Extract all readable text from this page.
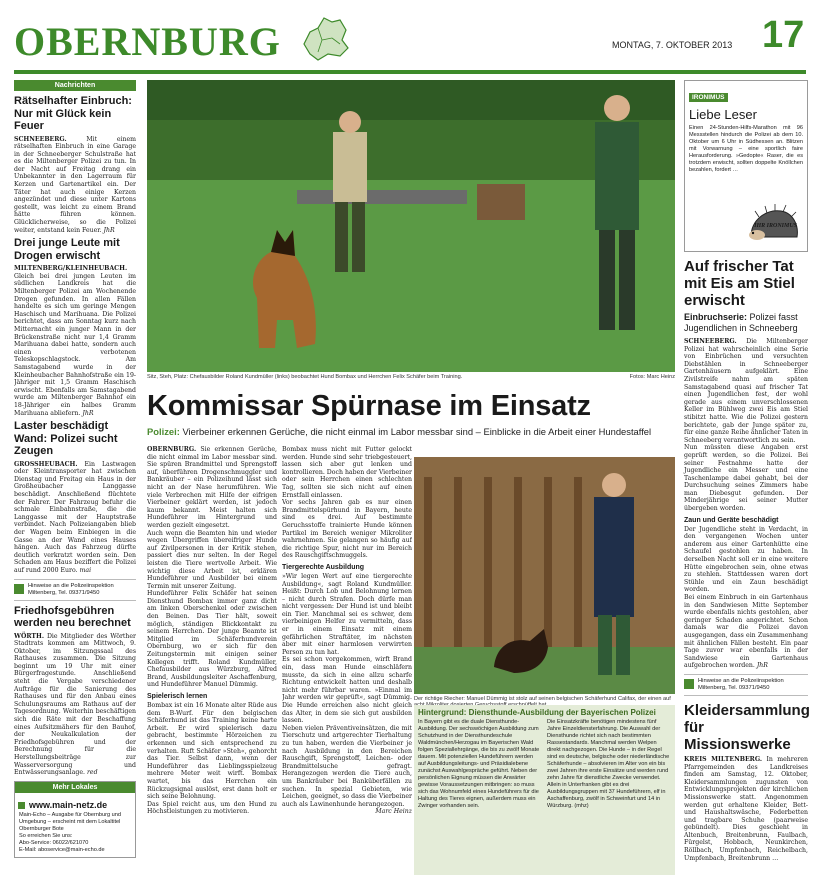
OBERNBURG	MONTAG, 7. OKTOBER 2013 17
Nachrichten
Rätselhafter Einbruch: Nur mit Glück kein Feuer

SCHNEEBERG.	Mit einem rätselhaften Einbruch in eine Garage in der Schneeberger Schulstraße hat es die Miltenberger Polizei zu tun. In der Nacht auf Freitag drang ein Unbekannter in den Lagerraum für Kerzen und Gartenartikel ein. Der Täter hat auch einige Kerzen angezündet und diese unter Kartons gestellt, was leicht zu einem Brand hätte führen können. Glücklicherweise, so die Polizei weiter, entstand kein Feuer. JhR

Drei junge Leute mit Drogen erwischt

MILTENBERG/KLEINHEUBACH. Gleich bei drei jungen Leuten im südlichen Landkreis hat die Miltenberger Polizei am Wochenende Drogen gefunden. In allen Fällen handelte es sich um geringe Mengen Haschisch und Marihuana. Die Polizei berichtet, dass am Sonntag kurz nach Mitternacht ein junger Mann in der Brückenstraße nicht nur 1,4 Gramm Marihuana dabei hatte, sondern auch einen verbotenen Teleskopschlagstock. Am Samstagabend wurde in der Kleinheubacher Bahnhofstraße ein 19-Jähriger mit 1,5 Gramm Haschisch erwischt. Ebenfalls am Samstagabend wurde am Miltenberger Bahnhof ein 18-Jähriger ein halbes Gramm Marihuana abliefern. JhR

Laster beschädigt Wand: Polizei sucht Zeugen

GROSSHEUBACH. Ein Lastwagen oder Kleintransporter hat zwischen Dienstag und Freitag ein Haus in der Großheubacher Langgasse beschädigt. Anschließend flüchtete der Fahrer. Der Fahrzeug befuhr die schmale Einbahnstraße, die die Langgasse mit der Hauptstraße verbindet. Nach Polizeiangaben blieb der Wagen beim Einbiegen in die Gasse an der Wand eines Hauses hängen. Auch das Fahrzeug dürfte deutlich verkratzt worden sein. Den Schaden am Haus beziffert die Polizei auf rund 2000 Euro. mai

Hinweise an die Polizeiinspektion Miltenberg, Tel. 09371/9450
Friedhofsgebühren werden neu berechnet

WÖRTH. Die Mitglieder des Wörther Stadtrats kommen am Mittwoch, 9. Oktober, im Sitzungssaal des Rathauses zusammen. Die Sitzung beginnt um 19 Uhr mit einer Bürgerfragestunde. Anschließend steht die Vergabe verschiedener Aufträge für die Sanierung des Rathauses und für den Anbau eines Schulungsraums am Rathaus auf der Tagesordnung. Weiterhin beschäftigen sich die Räte mit der Beschaffung eines Aufsitzmähers für den Bauhof, der Neukalkulation der Friedhofsgebühren und der Berechnung für die Herstellungsbeiträge zur Wasserversorgung und Entwässerungsanlage. red

Mehr Lokales
www.main-netz.de
Main-Echo – Ausgabe für Obernburg und Umgebung – erscheint mit dem Lokaltitel Obernburger Bote
So erreichen Sie uns:
Abo-Service: 06022/621070
E-Mail: aboservice@main-echo.de
Sitz, Steh, Platz: Chefausbilder Roland Kundmüller (links) beobachtet Hund Bombax und Herrchen Felix Schäfer beim Training.	Fotos: Marc Heinz
Kommissar Spürnase im Einsatz
Polizei: Vierbeiner erkennen Gerüche, die nicht einmal im Labor messbar sind – Einblicke in die Arbeit einer Hundestaffel

OBERNBURG. Sie erkennen Gerüche, die nicht einmal im Labor messbar sind. Sie spüren Brandmittel und Sprengstoff auf, überführen Drogenschmuggler und Bankräuber – ein Polizeihund lässt sich nicht an der Nase herumführen. Wie viele Verbrechen mit Hilfe der eifrigen Vierbeiner geklärt werden, ist jedoch kaum bekannt. Meist halten sich Hundeführer im Hintergrund und werden gezielt eingesetzt.

Auch wenn die Beamten hin und wieder wegen Übergriffen übereifriger Hunde auf Zivilpersonen in der Kritik stehen, passiert dies nur selten. In der Regel leisten die Tiere wertvolle Arbeit. Wie wichtig diese Arbeit ist, erklären Hundeführer und Ausbilder bei einem Termin mit unserer Zeitung.

Hundeführer Felix Schäfer hat seinen Diensthund Bombax immer ganz dicht am linken Oberschenkel oder zwischen den Beinen. Das Tier hält, soweit möglich, ständigen Blickkontakt zu seinem Herrchen. Der junge Beamte ist Mitglied im Schäferhundverein Obernburg, wo er sich für den Zeitungstermin mit einigen seiner Kollegen trifft. Roland Kundmüller, Chefausbilder aus Würzburg, Alfred Brand, Ausbildungsleiter Aschaffenburg, und Hundeführer Manuel Dümmig.

Spielerisch lernen

Bombax ist ein 16 Monate alter Rüde aus dem B-Wurf. Für den belgischen Schäferhund ist das Training keine harte Arbeit. Er wird spielerisch dazu gebracht, bestimmte Hörzeichen zu erkennen und sich entsprechend zu verhalten. Ruft Schäfer »Steh«, gehorcht das Tier. Selbst dann, wenn der Hundeführer das Lieblingsspielzeug mehrere Meter weit wirft. Bombax wartet, bis das Herrchen ein Rückzugsignal auslöst, erst dann holt er sich seine Belohnung.

Das Spiel reicht aus, um den Hund zu Höchstleistungen zu motivieren.

Bombax muss nicht mit Futter gelockt werden. Hunde sind sehr triebgesteuert, lassen sich aber gut lenken und kontrollieren. Doch haben der Vierbeiner oder sein Herrchen einen schlechten Tag, sollten sie sich nicht auf einen Ernstfall einlassen.

Vor sechs Jahren gab es nur einen Brandmittelspürhund in Bayern, heute sind es drei. Auf bestimmte Geruchsstoffe trainierte Hunde können Partikel im Bereich weniger Mikroliter wahrnehmen. Sie gelangen so häufig auf die richtige Spur, nicht nur im Bereich des Rauschgiftschmuggels.

Tiergerechte Ausbildung

»Wir legen Wert auf eine tiergerechte Ausbildung«, sagt Roland Kundmüller. Heißt: Durch Lob und Belohnung lernen – nicht durch Strafen. Doch dürfe man nicht vergessen: Der Hund ist und bleibt ein Tier. Manchmal sei es schwer, dem vierbeinigen Helfer zu vermitteln, dass er in einem Einsatz mit einem gefährlichen Straftäter, im nächsten aber mit einer harmlosen verwirrten Person zu tun hat.

Es sei schon vorgekommen, wirft Brand ein, dass man Hunde einschläfern musste, da sich in eine allzu scharfe Richtung entwickelt hatten und deshalb nicht mehr führbar waren. »Einmal im Jahr werden wir geprüft«, sagt Dümmig. Die Hunde erreichen also nicht gleich das Alter, in dem sie sich gut ausbilden lassen.

Neben vielen Präventiveinsätzen, die mit Tierschutz und artgerechter Tierhaltung zu tun haben, werden die Vierbeiner je nach Ausbildung in den Bereichen Rauschgift, Sprengstoff, Leichen- oder Brandmittelsuche gefragt. Herangezogen werden die Tiere auch, um Bankräuber bei Banküberfällen zu suchen. In spezial Gebieten, wie Leichen, geeignet, so dass die Vierbeiner auch als Lawinenhunde herangezogen.

Marc Heinz

Der richtige Riecher: Manuel Dümmig ist stolz auf seinen belgischen Schäferhund Califax, der einen auf
Hintergrund: Diensthunde-Ausbildung der Bayerischen Polizei
In Bayern gibt es die duale Diensthunde-Ausbildung. Der sechswöchigen Ausbildung zum Schutzhund in der Diensthundeschule Waldmünchen/Herzogau im Bayerischen Wald folgen Speziallehrgänge, die bis zu zwölf Monate dauern. Mit potenziellen Hundeführern werden auf Ausbildungsleitungs- und Präsidialebene zunächst Auswahlgespräche geführt. Neben der persönlichen Eignung müssen die Anwärter gewisse Voraussetzungen mitbringen: so muss sich das Wohnumfeld eines Hundeführers für die Haltung des Tieres eignen, außerdem muss ein Zwinger vorhanden sein.
Die Einsatzkräfte benötigen mindestens fünf Jahre Einzeldiensterfahrung. Die Auswahl der Diensthunde richtet sich nach bestimmten Rassestandards. Manchmal werden Welpen direkt nachgezogen. Die Hunde – in der Regel sind es deutsche, belgische oder niederländische Schäferhunde – absolvieren im Alter von ein bis zwei Jahren ihre erste Einsätze und werden rund zehn Jahre für dienstliche Zwecke verwendet. Allein in Unterfranken gibt es drei Ausbildungsgruppen mit 37 Hundeführern, elf in Aschaffenburg, zwölf in Schweinfurt und 14 in Würzburg. (mhz)
IRONIMUS
Liebe Leser

Einen 24-Stunden-Hilfs-Marathon mit 96 Messstellen hindurch die Polizei ab dem 10. Oktober um 6 Uhr in Südhessen an. Blitzen mit Vorwarnung – eine sportlich faire Herausforderung. »Gedopte« Raser, die es trotzdem erwischt, sollten doppelte Knöllchen bezahlen, fordert …

IHR IRONIMUS
Auf frischer Tat mit Eis am Stiel erwischt
Einbruchserie: Polizei fasst Jugendlichen in Schneeberg

SCHNEEBERG. Die Miltenberger Polizei hat wahrscheinlich eine Serie von Einbrüchen und versuchten Diebstählen in Schneeberger Gartenhäusern aufgeklärt. Eine Zivilstreife nahm am späten Samstagabend quasi auf frischer Tat einen Jugendlichen fest, der wohl gerade aus einem unverschlossenen Keller im Bühlweg zwei Eis am Stiel stibitzt hatte. Wie die Polizei gestern berichtete, gab der Junge später zu, für eine ganze Reihe ähnlicher Taten in Schneeberg verantwortlich zu sein.

Nun müssten diese Angaben erst geprüft werden, so die Polizei. Bei seiner Festnahme hatte der Jugendliche ein Messer und eine Taschenlampe dabei gehabt, bei der Durchsuchung seines Zimmers habe man Diebesgut gefunden. Der Minderjährige sei seiner Mutter übergeben worden.

Zaun und Geräte beschädigt

Der Jugendliche steht in Verdacht, in den vergangenen Wochen unter anderem aus einer Gartenhütte eine Schaufel gestohlen zu haben. In derselben Nacht soll er in eine weitere Hütte eingebrochen sein, ohne etwas zu stehlen. Stattdessen waren dort Stühle und ein Zaun beschädigt worden.

Bei einem Einbruch in ein Gartenhaus in den Sandwiesen Mitte September wurde ebenfalls nichts gestohlen, aber geringer Schaden angerichtet. Schon damals war die Polizei davon ausgegangen, dass ein Zusammenhang mit ähnlichen Fällen besteht. Ein paar Tage zuvor war ebenfalls in der Sandwiese ein Gartenhaus aufgebrochen worden. JhR

Hinweise an die Polizeiinspektion Miltenberg, Tel. 09371/9450
Kleidersammlung für Missionswerke

KREIS MILTENBERG. In mehreren Pfarrgemeinden des Landkreises finden am Samstag, 12. Oktober, Kleidersammlungen zugunsten von Entwicklungsprojekten der kirchlichen Missionswerke statt. Angenommen werden gut erhaltene Kleider, Bett- und Haushaltswäsche, Federbetten und tragbare Schuhe (paarweise gebündelt). Dies geschieht in Altenbuch, Breitenbrunn, Faulbach, Fürgelst, Hobbach, Neunkirchen, Röllbach, Umpfenbach, Reichelbach, Umpfenbach, Breitenbrunn …
